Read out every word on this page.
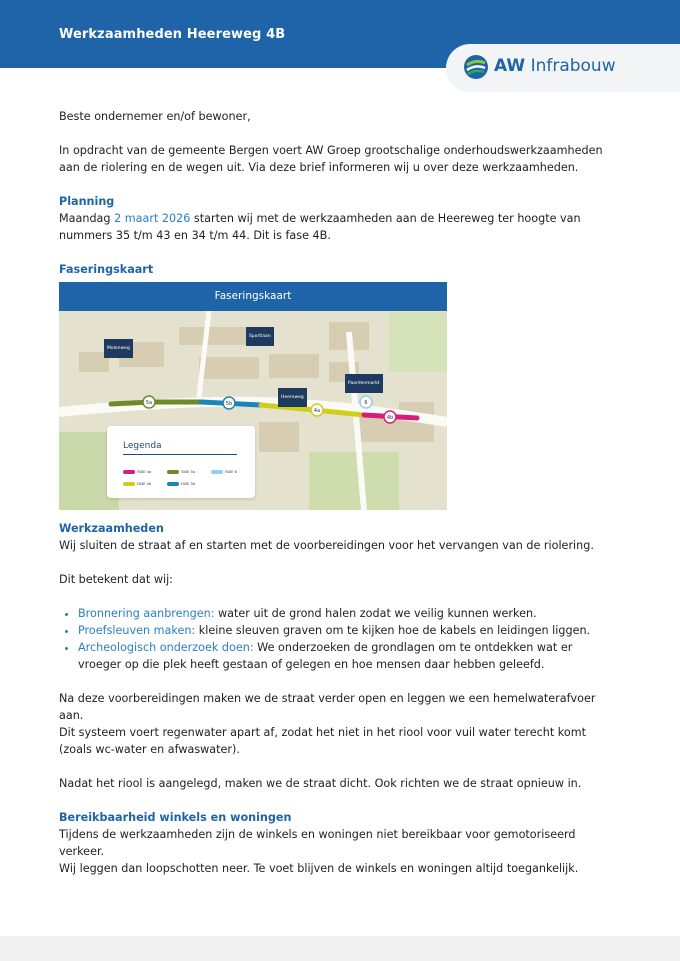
Werkzaamheden Heereweg 4B
AW Infrabouw

Beste ondernemer en/of bewoner,

In opdracht van de gemeente Bergen voert AW Groep grootschalige onderhoudswerkzaamheden aan de riolering en de wegen uit. Via deze brief informeren wij u over deze werkzaamheden.

Planning

Maandag 2 maart 2026 starten wij met de werkzaamheden aan de Heereweg ter hoogte van nummers 35 t/m 43 en 34 t/m 44. Dit is fase 4B.

Faseringskaart

5a	5b
4a
4b
6
Faseringskaart
Molenweg
Sportlaan
Heereweg
Paardenmarkt
Legenda
FASE 4a	FASE 5a	FASE 6
FASE 4b	FASE 5b

Werkzaamheden

Wij sluiten de straat af en starten met de voorbereidingen voor het vervangen van de riolering.

Dit betekent dat wij:

• Bronnering aanbrengen: water uit de grond halen zodat we veilig kunnen werken.
• Proefsleuven maken: kleine sleuven graven om te kijken hoe de kabels en leidingen liggen.
• Archeologisch onderzoek doen: We onderzoeken de grondlagen om te ontdekken wat er vroeger op die plek heeft gestaan of gelegen en hoe mensen daar hebben geleefd.

Na deze voorbereidingen maken we de straat verder open en leggen we een hemelwaterafvoer aan.

Dit systeem voert regenwater apart af, zodat het niet in het riool voor vuil water terecht komt (zoals wc-water en afwaswater).

Nadat het riool is aangelegd, maken we de straat dicht. Ook richten we de straat opnieuw in.

Bereikbaarheid winkels en woningen

Tijdens de werkzaamheden zijn de winkels en woningen niet bereikbaar voor gemotoriseerd verkeer.

Wij leggen dan loopschotten neer. Te voet blijven de winkels en woningen altijd toegankelijk.
